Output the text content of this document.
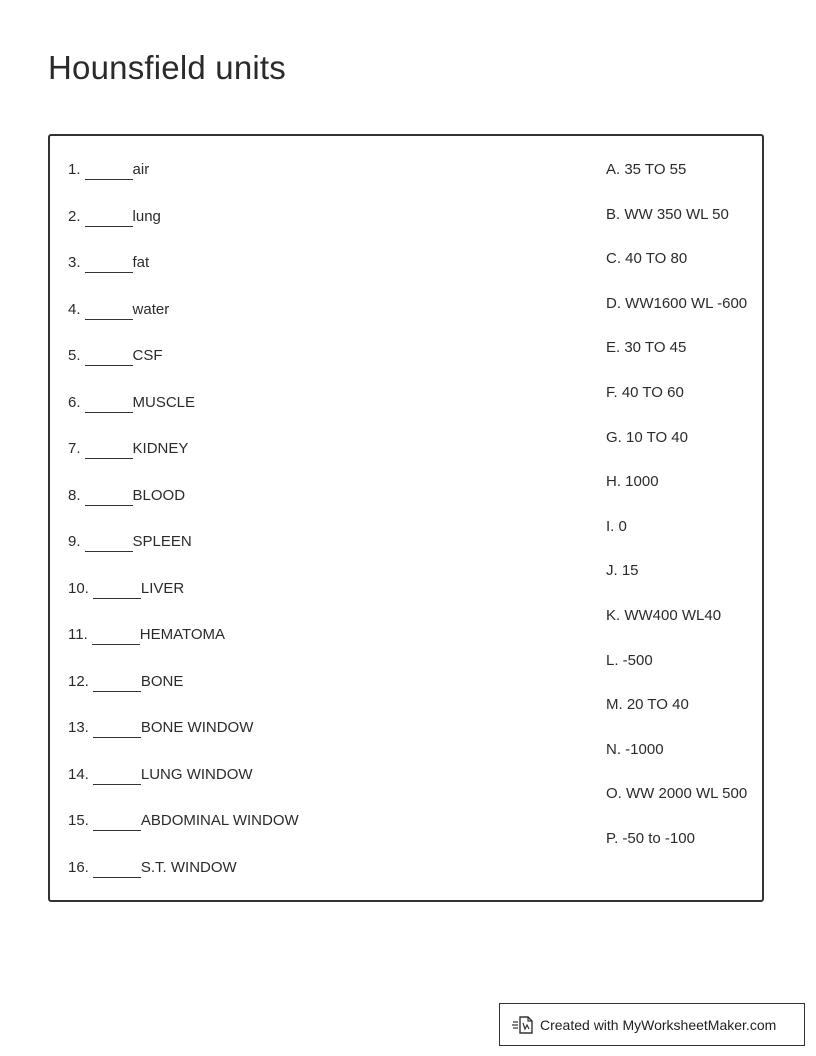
Hounsfield units
1.	air
2.	lung
3.	fat
4.	water
5.	CSF
6.	MUSCLE
7.	KIDNEY
8.	BLOOD
9.	SPLEEN
10.	LIVER
11.	HEMATOMA
12.	BONE
13.	BONE WINDOW
14.	LUNG WINDOW
15.	ABDOMINAL WINDOW
16.	S.T. WINDOW
A. 35 TO 55
B. WW 350 WL 50
C. 40 TO 80
D. WW1600 WL -600
E. 30 TO 45
F. 40 TO 60
G. 10 TO 40
H. 1000
I. 0
J. 15
K. WW400 WL40
L. -500
M. 20 TO 40
N. -1000
O. WW 2000 WL 500
P. -50 to -100
Created with MyWorksheetMaker.com
